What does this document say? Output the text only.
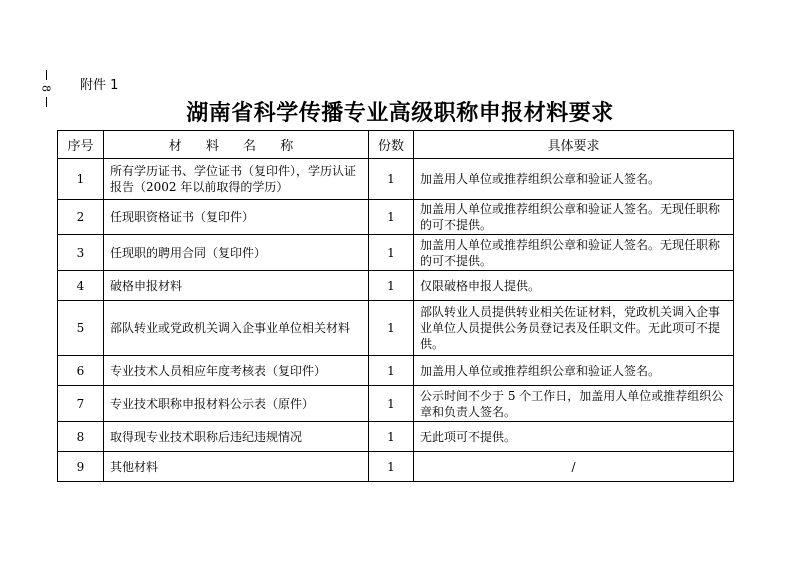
8 附件 1
湖南省科学传播专业高级职称申报材料要求
序号	材 料 名 称	份数	具体要求
1	所有学历证书、学位证书（复印件），学历认证报告（2002 年以前取得的学历）	1	加盖用人单位或推荐组织公章和验证人签名。
2	任现职资格证书（复印件）	1	加盖用人单位或推荐组织公章和验证人签名。无现任职称的可不提供。
3	任现职的聘用合同（复印件）	1	加盖用人单位或推荐组织公章和验证人签名。无现任职称的可不提供。
4	破格申报材料	1	仅限破格申报人提供。
5	部队转业或党政机关调入企事业单位相关材料	1	部队转业人员提供转业相关佐证材料，党政机关调入企事业单位人员提供公务员登记表及任职文件。无此项可不提供。
6	专业技术人员相应年度考核表（复印件）	1	加盖用人单位或推荐组织公章和验证人签名。
7	专业技术职称申报材料公示表（原件）	1	公示时间不少于 5 个工作日，加盖用人单位或推荐组织公章和负责人签名。
8	取得现专业技术职称后违纪违规情况	1	无此项可不提供。
9	其他材料	1	/
